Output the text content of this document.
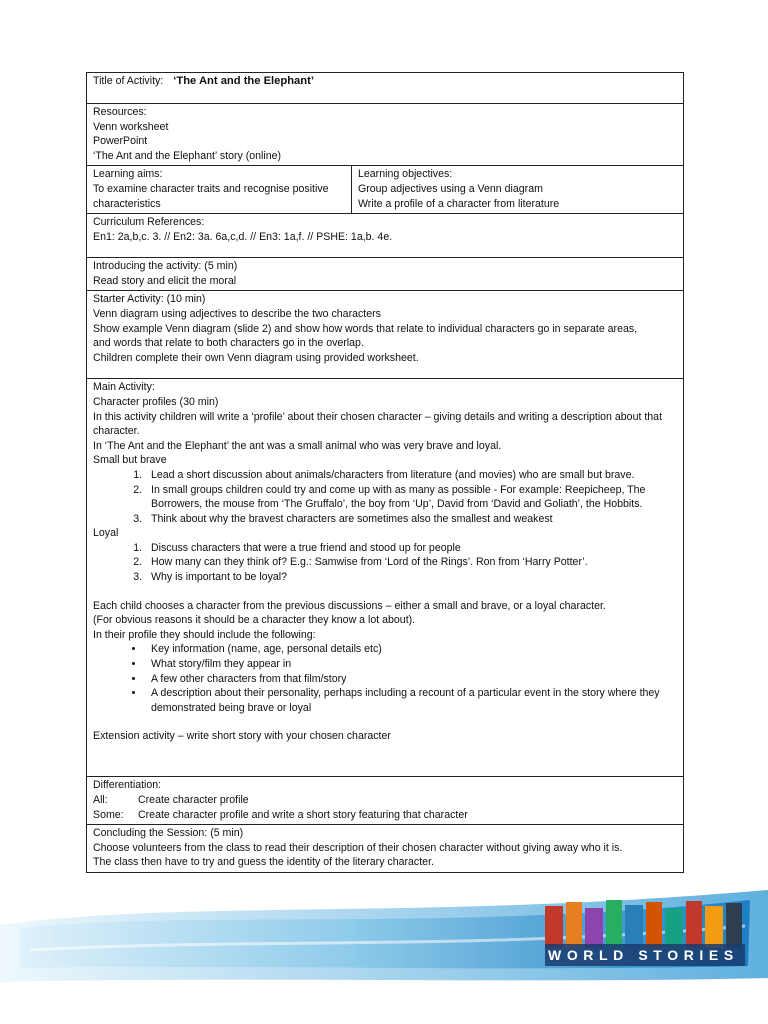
Title of Activity: ‘The Ant and the Elephant’

Resources:

Venn worksheet

PowerPoint

‘The Ant and the Elephant’ story (online)

Learning aims:

To examine character traits and recognise positive

characteristics

Learning objectives:

Group adjectives using a Venn diagram

Write a profile of a character from literature

Curriculum References:

En1: 2a,b,c. 3. // En2: 3a. 6a,c,d. // En3: 1a,f. // PSHE: 1a,b. 4e.

Introducing the activity: (5 min)

Read story and elicit the moral

Starter Activity: (10 min)

Venn diagram using adjectives to describe the two characters

Show example Venn diagram (slide 2) and show how words that relate to individual characters go in separate areas,

and words that relate to both characters go in the overlap.

Children complete their own Venn diagram using provided worksheet.

Main Activity:

Character profiles (30 min)

In this activity children will write a ‘profile’ about their chosen character – giving details and writing a description about that character.

In ‘The Ant and the Elephant’ the ant was a small animal who was very brave and loyal.

Small but brave

1. Lead a short discussion about animals/characters from literature (and movies) who are small but brave.
2. In small groups children could try and come up with as many as possible - For example: Reepicheep, The Borrowers, the mouse from ‘The Gruffalo’, the boy from ‘Up’, David from ‘David and Goliath’, the Hobbits.
3. Think about why the bravest characters are sometimes also the smallest and weakest

Loyal

1. Discuss characters that were a true friend and stood up for people
2. How many can they think of? E.g.: Samwise from ‘Lord of the Rings’. Ron from ‘Harry Potter’.
3. Why is important to be loyal?

Each child chooses a character from the previous discussions – either a small and brave, or a loyal character.

(For obvious reasons it should be a character they know a lot about).

In their profile they should include the following:

• Key information (name, age, personal details etc)
• What story/film they appear in
• A few other characters from that film/story
• A description about their personality, perhaps including a recount of a particular event in the story where they demonstrated being brave or loyal

Extension activity – write short story with your chosen character

Differentiation:

All:	Create character profile

Some: Create character profile and write a short story featuring that character

Concluding the Session: (5 min)

Choose volunteers from the class to read their description of their chosen character without giving away who it is.

The class then have to try and guess the identity of the literary character.

WORLD STORIES
